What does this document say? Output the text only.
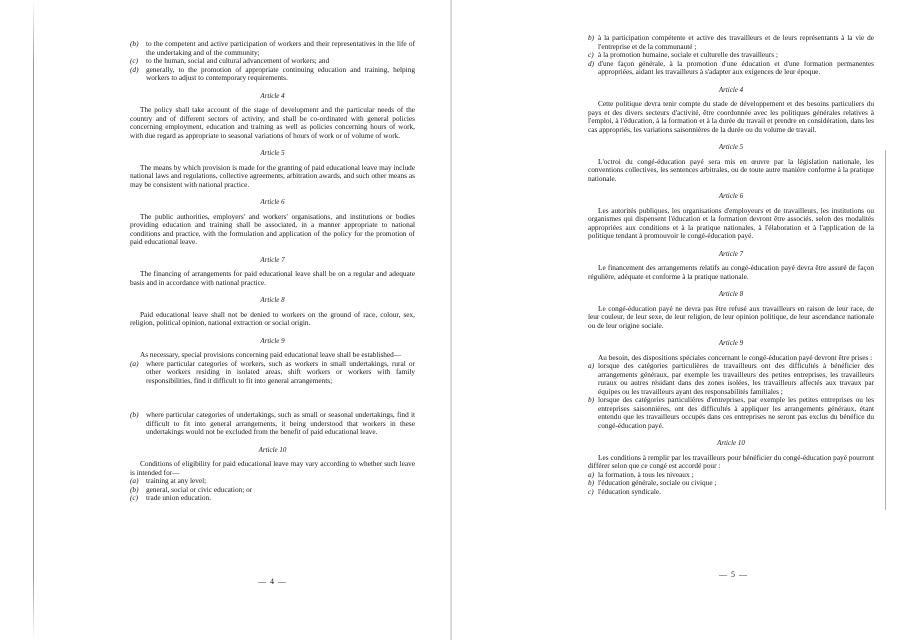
(b)	to the competent and active participation of workers and their representatives in the life of the undertaking and of the community;
(c)	to the human, social and cultural advancement of workers; and
(d)	generally, to the promotion of appropriate continuing education and training, helping workers to adjust to contemporary requirements.
Article 4

The policy shall take account of the stage of development and the particular needs of the country and of different sectors of activity, and shall be co-ordinated with general policies concerning employment, education and training as well as policies concerning hours of work, with due regard as appropriate to seasonal variations of hours of work or of volume of work.

Article 5

The means by which provision is made for the granting of paid educational leave may include national laws and regulations, collective agreements, arbitration awards, and such other means as may be consistent with national practice.

Article 6

The public authorities, employers' and workers' organisations, and institutions or bodies providing education and training shall be associated, in a manner appropriate to national conditions and practice, with the formulation and application of the policy for the promotion of paid educational leave.

Article 7

The financing of arrangements for paid educational leave shall be on a regular and adequate basis and in accordance with national practice.

Article 8

Paid educational leave shall not be denied to workers on the ground of race, colour, sex, religion, political opinion, national extraction or social origin.

Article 9

As necessary, special provisions concerning paid educational leave shall be established—

(a)	where particular categories of workers, such as workers in small undertakings, rural or other workers residing in isolated areas, shift workers or workers with family responsibilities, find it difficult to fit into general arrangements;
(b)	where particular categories of undertakings, such as small or seasonal undertakings, find it difficult to fit into general arrangements, it being understood that workers in these undertakings would not be excluded from the benefit of paid educational leave.
Article 10

Conditions of eligibility for paid educational leave may vary according to whether such leave is intended for—

(a)	training at any level;
(b)	general, social or civic education; or
(c)	trade union education.
— 4 —
b) à la participation compétente et active des travailleurs et de leurs représentants à la vie de l'entreprise et de la communauté ;
c) à la promotion humaine, sociale et culturelle des travailleurs ;
d) d'une façon générale, à la promotion d'une éducation et d'une formation permanentes appropriées, aidant les travailleurs à s'adapter aux exigences de leur époque.
Article 4

Cette politique devra tenir compte du stade de développement et des besoins particuliers du pays et des divers secteurs d'activité, être coordonnée avec les politiques générales relatives à l'emploi, à l'éducation, à la formation et à la durée du travail et prendre en considération, dans les cas appropriés, les variations saisonnières de la durée ou du volume de travail.

Article 5

L'octroi du congé-éducation payé sera mis en œuvre par la législation nationale, les conventions collectives, les sentences arbitrales, ou de toute autre manière conforme à la pratique nationale.

Article 6

Les autorités publiques, les organisations d'employeurs et de travailleurs, les institutions ou organismes qui dispensent l'éducation et la formation devront être associés, selon des modalités appropriées aux conditions et à la pratique nationales, à l'élaboration et à l'application de la politique tendant à promouvoir le congé-éducation payé.

Article 7

Le financement des arrangements relatifs au congé-éducation payé devra être assuré de façon régulière, adéquate et conforme à la pratique nationale.

Article 8

Le congé-éducation payé ne devra pas être refusé aux travailleurs en raison de leur race, de leur couleur, de leur sexe, de leur religion, de leur opinion politique, de leur ascendance nationale ou de leur origine sociale.

Article 9

Au besoin, des dispositions spéciales concernant le congé-éducation payé devront être prises :

a) lorsque des catégories particulières de travailleurs ont des difficultés à bénéficier des arrangements généraux, par exemple les travailleurs des petites entreprises, les travailleurs ruraux ou autres résidant dans des zones isolées, les travailleurs affectés aux travaux par équipes ou les travailleurs ayant des responsabilités familiales ;
b) lorsque des catégories particulières d'entreprises, par exemple les petites entreprises ou les entreprises saisonnières, ont des difficultés à appliquer les arrangements généraux, étant entendu que les travailleurs occupés dans ces entreprises ne seront pas exclus du bénéfice du congé-éducation payé.
Article 10

Les conditions à remplir par les travailleurs pour bénéficier du congé-éducation payé pourront différer selon que ce congé est accordé pour :

a) la formation, à tous les niveaux ;
b) l'éducation générale, sociale ou civique ;
c) l'éducation syndicale.
— 5 —
